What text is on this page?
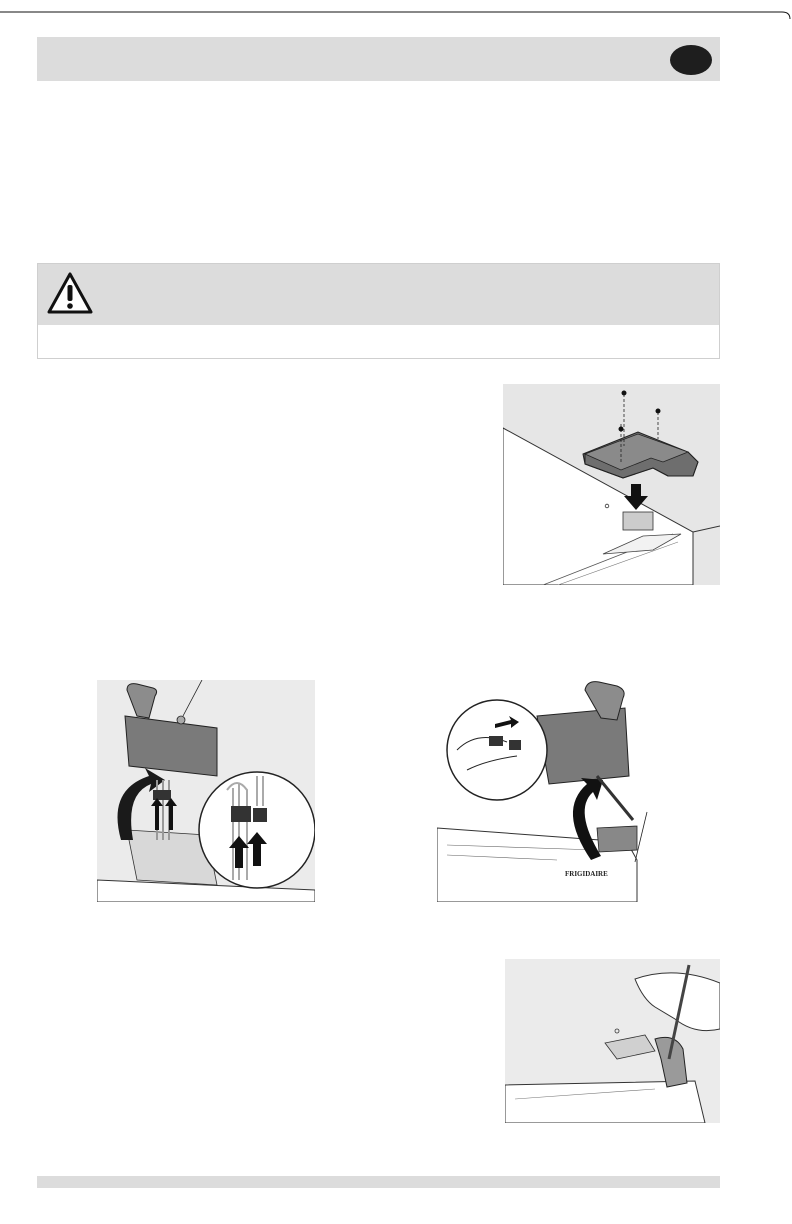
FRIGIDAIRE
